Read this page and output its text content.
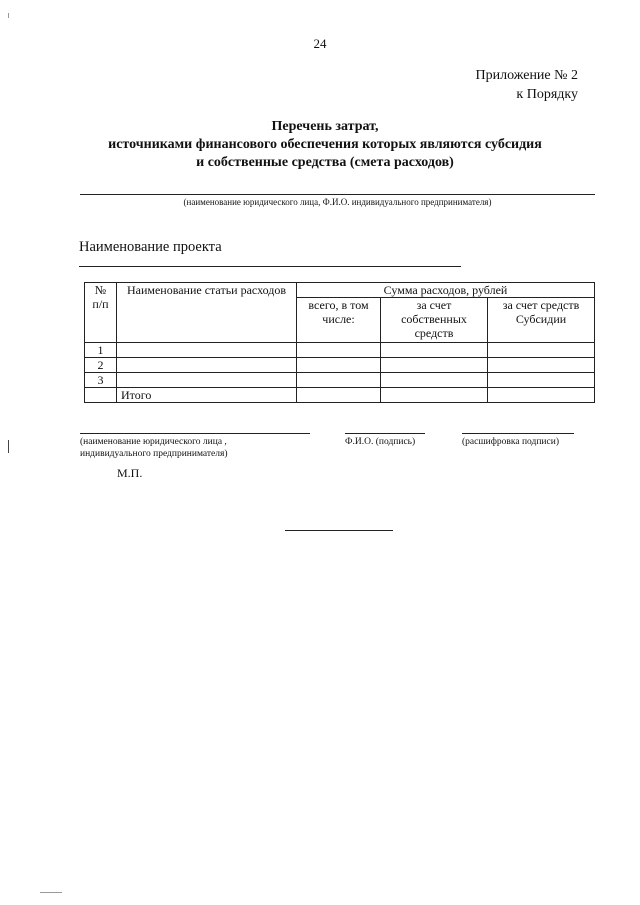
24
Приложение № 2
к Порядку
Перечень затрат,
источниками финансового обеспечения которых являются субсидия
и собственные средства (смета расходов)
(наименование юридического лица, Ф.И.О. индивидуального предпринимателя)
Наименование проекта
№ п/п	Наименование статьи расходов	Сумма расходов, рублей		
		всего, в том числе:	за счет собственных средств	за счет средств Субсидии
1				
2				
3				
	Итого			
(наименование юридического лица ,
индивидуального предпринимателя)
Ф.И.О. (подпись)	(расшифровка подписи)
М.П.
